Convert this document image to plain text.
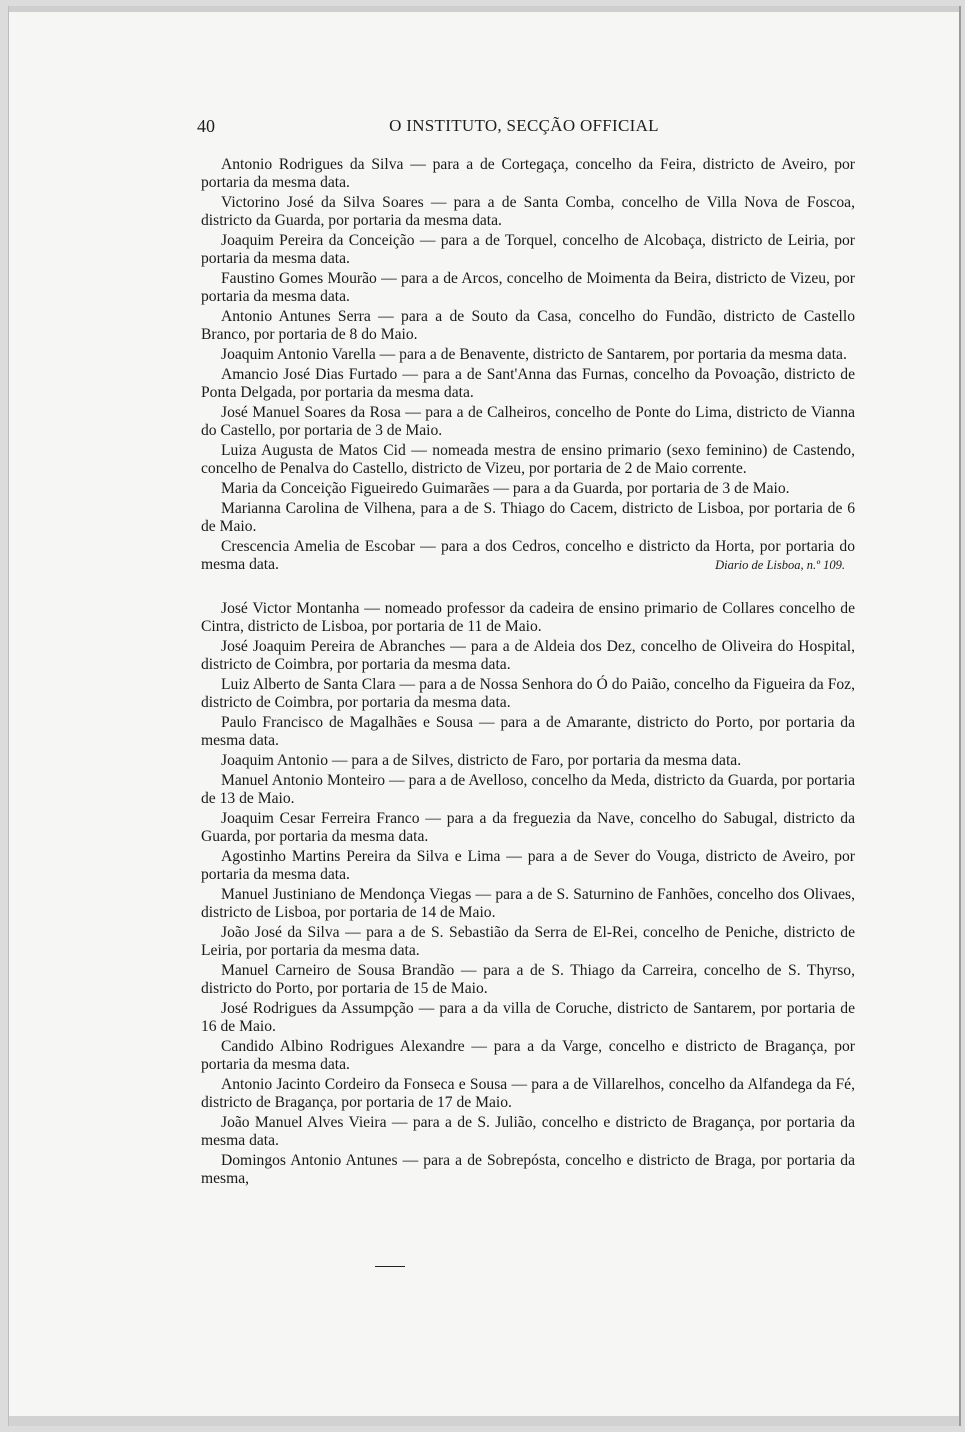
40	O INSTITUTO, SECÇÃO OFFICIAL

Antonio Rodrigues da Silva — para a de Cortegaça, concelho da Feira, districto de Aveiro, por portaria da mesma data.

Victorino José da Silva Soares — para a de Santa Comba, concelho de Villa Nova de Foscoa, districto da Guarda, por portaria da mesma data.

Joaquim Pereira da Conceição — para a de Torquel, concelho de Alcobaça, districto de Leiria, por portaria da mesma data.

Faustino Gomes Mourão — para a de Arcos, concelho de Moimenta da Beira, districto de Vizeu, por portaria da mesma data.

Antonio Antunes Serra — para a de Souto da Casa, concelho do Fundão, districto de Castello Branco, por portaria de 8 do Maio.

Joaquim Antonio Varella — para a de Benavente, districto de Santarem, por portaria da mesma data.

Amancio José Dias Furtado — para a de Sant'Anna das Furnas, concelho da Povoação, districto de Ponta Delgada, por portaria da mesma data.

José Manuel Soares da Rosa — para a de Calheiros, concelho de Ponte do Lima, districto de Vianna do Castello, por portaria de 3 de Maio.

Luiza Augusta de Matos Cid — nomeada mestra de ensino primario (sexo feminino) de Castendo, concelho de Penalva do Castello, districto de Vizeu, por portaria de 2 de Maio corrente.

Maria da Conceição Figueiredo Guimarães — para a da Guarda, por portaria de 3 de Maio.

Marianna Carolina de Vilhena, para a de S. Thiago do Cacem, districto de Lisboa, por portaria de 6 de Maio.

Crescencia Amelia de Escobar — para a dos Cedros, concelho e districto da Horta, por portaria do mesma data.	Diario de Lisboa, n.º 109.

José Victor Montanha — nomeado professor da cadeira de ensino primario de Collares concelho de Cintra, districto de Lisboa, por portaria de 11 de Maio.

José Joaquim Pereira de Abranches — para a de Aldeia dos Dez, concelho de Oliveira do Hospital, districto de Coimbra, por portaria da mesma data.

Luiz Alberto de Santa Clara — para a de Nossa Senhora do Ó do Paião, concelho da Figueira da Foz, districto de Coimbra, por portaria da mesma data.

Paulo Francisco de Magalhães e Sousa — para a de Amarante, districto do Porto, por portaria da mesma data.

Joaquim Antonio — para a de Silves, districto de Faro, por portaria da mesma data.

Manuel Antonio Monteiro — para a de Avelloso, concelho da Meda, districto da Guarda, por portaria de 13 de Maio.

Joaquim Cesar Ferreira Franco — para a da freguezia da Nave, concelho do Sabugal, districto da Guarda, por portaria da mesma data.

Agostinho Martins Pereira da Silva e Lima — para a de Sever do Vouga, districto de Aveiro, por portaria da mesma data.

Manuel Justiniano de Mendonça Viegas — para a de S. Saturnino de Fanhões, concelho dos Olivaes, districto de Lisboa, por portaria de 14 de Maio.

João José da Silva — para a de S. Sebastião da Serra de El-Rei, concelho de Peniche, districto de Leiria, por portaria da mesma data.

Manuel Carneiro de Sousa Brandão — para a de S. Thiago da Carreira, concelho de S. Thyrso, districto do Porto, por portaria de 15 de Maio.

José Rodrigues da Assumpção — para a da villa de Coruche, districto de Santarem, por portaria de 16 de Maio.

Candido Albino Rodrigues Alexandre — para a da Varge, concelho e districto de Bragança, por portaria da mesma data.

Antonio Jacinto Cordeiro da Fonseca e Sousa — para a de Villarelhos, concelho da Alfandega da Fé, districto de Bragança, por portaria de 17 de Maio.

João Manuel Alves Vieira — para a de S. Julião, concelho e districto de Bragança, por portaria da mesma data.

Domingos Antonio Antunes — para a de Sobrepósta, concelho e districto de Braga, por portaria da mesma,
